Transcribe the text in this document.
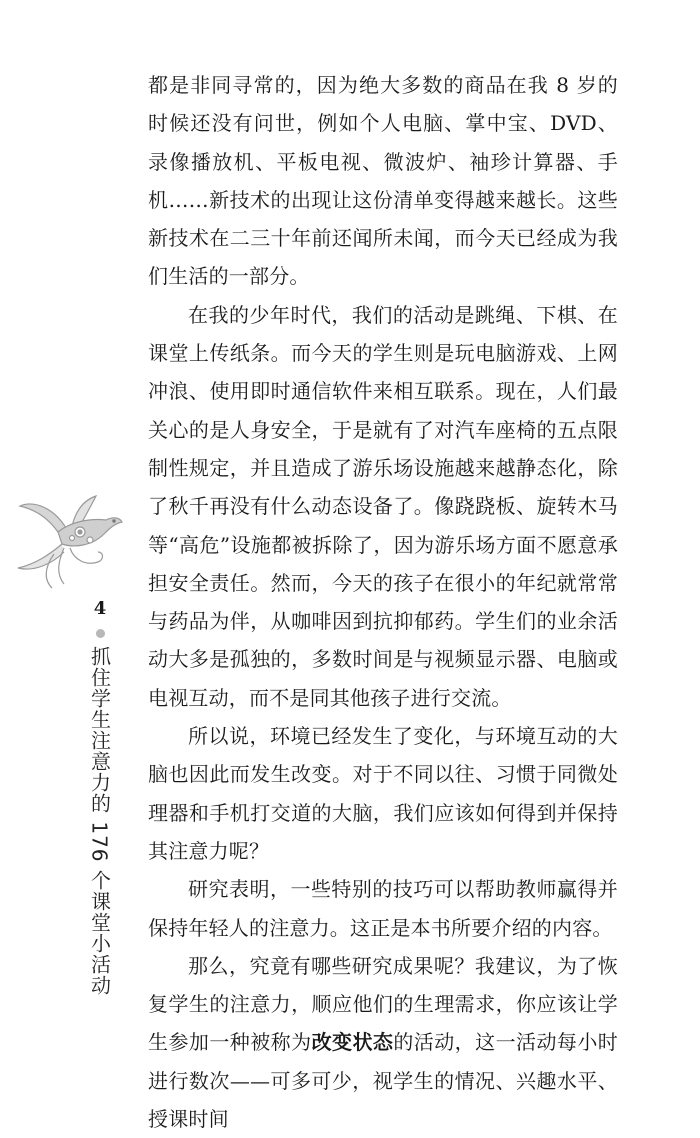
都是非同寻常的，因为绝大多数的商品在我 8 岁的时候还没有问世，例如个人电脑、掌中宝、DVD、录像播放机、平板电视、微波炉、袖珍计算器、手机……新技术的出现让这份清单变得越来越长。这些新技术在二三十年前还闻所未闻，而今天已经成为我们生活的一部分。

在我的少年时代，我们的活动是跳绳、下棋、在课堂上传纸条。而今天的学生则是玩电脑游戏、上网冲浪、使用即时通信软件来相互联系。现在，人们最关心的是人身安全，于是就有了对汽车座椅的五点限制性规定，并且造成了游乐场设施越来越静态化，除了秋千再没有什么动态设备了。像跷跷板、旋转木马等“高危”设施都被拆除了，因为游乐场方面不愿意承担安全责任。然而，今天的孩子在很小的年纪就常常与药品为伴，从咖啡因到抗抑郁药。学生们的业余活动大多是孤独的，多数时间是与视频显示器、电脑或电视互动，而不是同其他孩子进行交流。

所以说，环境已经发生了变化，与环境互动的大脑也因此而发生改变。对于不同以往、习惯于同微处理器和手机打交道的大脑，我们应该如何得到并保持其注意力呢？

研究表明，一些特别的技巧可以帮助教师赢得并保持年轻人的注意力。这正是本书所要介绍的内容。

那么，究竟有哪些研究成果呢？我建议，为了恢复学生的注意力，顺应他们的生理需求，你应该让学生参加一种被称为改变状态的活动，这一活动每小时进行数次——可多可少，视学生的情况、兴趣水平、授课时间

4
抓住学生注意力的 176 个课堂小活动
